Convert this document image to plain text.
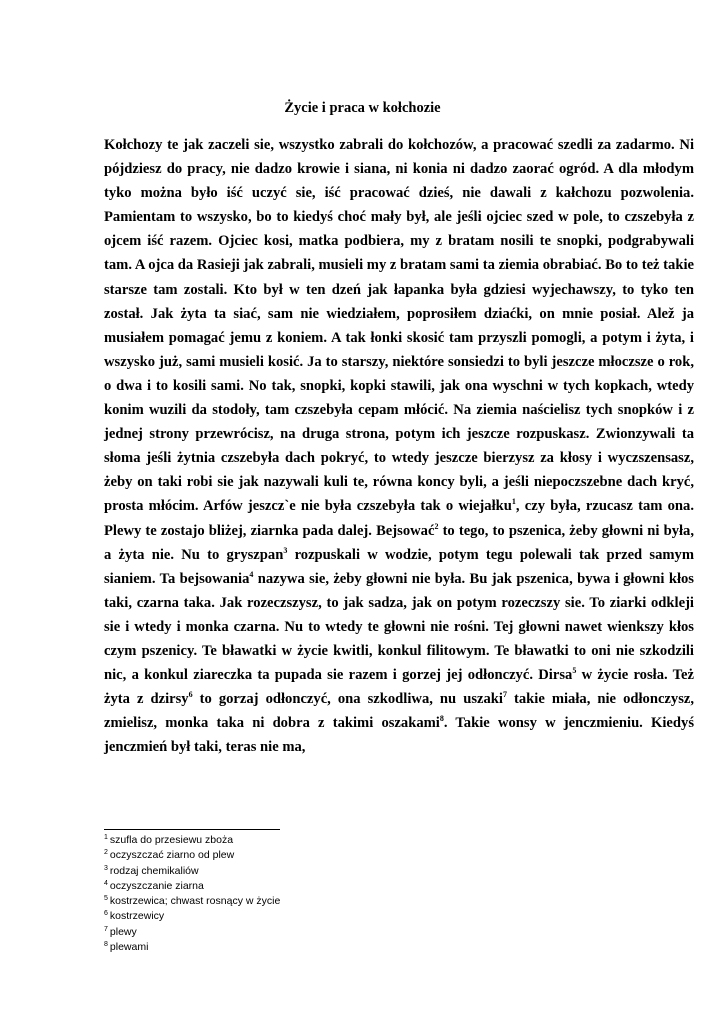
Życie i praca w kołchozie
Kołchozy te jak zaczeli sie, wszystko zabrali do kołchozów, a pracować szedli za zadarmo. Ni pójdziesz do pracy, nie dadzo krowie i siana, ni konia ni dadzo zaorać ogród. A dla młodym tyko można było iść uczyć sie, iść pracować dzieś, nie dawali z kałchozu pozwolenia. Pamientam to wszysko, bo to kiedyś choć mały był, ale jeśli ojciec szed w pole, to czszebyła z ojcem iść razem. Ojciec kosi, matka podbiera, my z bratam nosili te snopki, podgrabywali tam. A ojca da Rasieji jak zabrali, musieli my z bratam sami ta ziemia obrabiać. Bo to też takie starsze tam zostali. Kto był w ten dzeń jak łapanka była gdziesi wyjechawszy, to tyko ten został. Jak żyta ta siać, sam nie wiedziałem, poprosiłem dziaćki, on mnie posiał. Alež ja musiałem pomagać jemu z koniem. A tak łonki skosić tam przyszli pomogli, a potym i żyta, i wszysko już, sami musieli kosić. Ja to starszy, niektóre sonsiedzi to byli jeszcze młoczsze o rok, o dwa i to kosili sami. No tak, snopki, kopki stawili, jak ona wyschni w tych kopkach, wtedy konim wuzili da stodoły, tam czszebyła cepam młócić. Na ziemia naścielisz tych snopków i z jednej strony przewrócisz, na druga strona, potym ich jeszcze rozpuskasz. Zwionzywali ta słoma jeśli żytnia czszebyła dach pokryć, to wtedy jeszcze bierzysz za kłosy i wyczszensasz, żeby on taki robi sie jak nazywali kuli te, równa koncy byli, a jeśli niepoczszebne dach kryć, prosta młócim. Arfów jeszcz`e nie była czszebyła tak o wiejałku$^1$, czy była, rzucasz tam ona. Plewy te zostajo bliżej, ziarnka pada dalej. Bejsować$^2$ to tego, to pszenica, żeby głowni ni była, a żyta nie. Nu to gryszpan$^3$ rozpuskali w wodzie, potym tegu polewali tak przed samym sianiem. Ta bejsowania$^4$ nazywa sie, żeby głowni nie była. Bu jak pszenica, bywa i głowni kłos taki, czarna taka. Jak rozeczszysz, to jak sadza, jak on potym rozeczszy sie. To ziarki odkleji sie i wtedy i monka czarna. Nu to wtedy te głowni nie rośni. Tej głowni nawet wienkszy kłos czym pszenicy. Te bławatki w życie kwitli, konkul filitowym. Te bławatki to oni nie szkodzili nic, a konkul ziareczka ta pupada sie razem i gorzej jej odłonczyć. Dirsa$^5$ w życie rosła. Też żyta z dzirsy$^6$ to gorzaj odłonczyć, ona szkodliwa, nu uszaki$^7$ takie miała, nie odłonczysz, zmielisz, monka taka ni dobra z takimi oszakami$^8$. Takie wonsy w jenczmieniu. Kiedyś jenczmień był taki, teras nie ma,
$^1$ szufla do przesiewu zboża
$^2$ oczyszczać ziarno od plew
$^3$ rodzaj chemikaliów
$^4$ oczyszczanie ziarna
$^5$ kostrzewica; chwast rosnący w życie
$^6$ kostrzewicy
$^7$ plewy
$^8$ plewami
